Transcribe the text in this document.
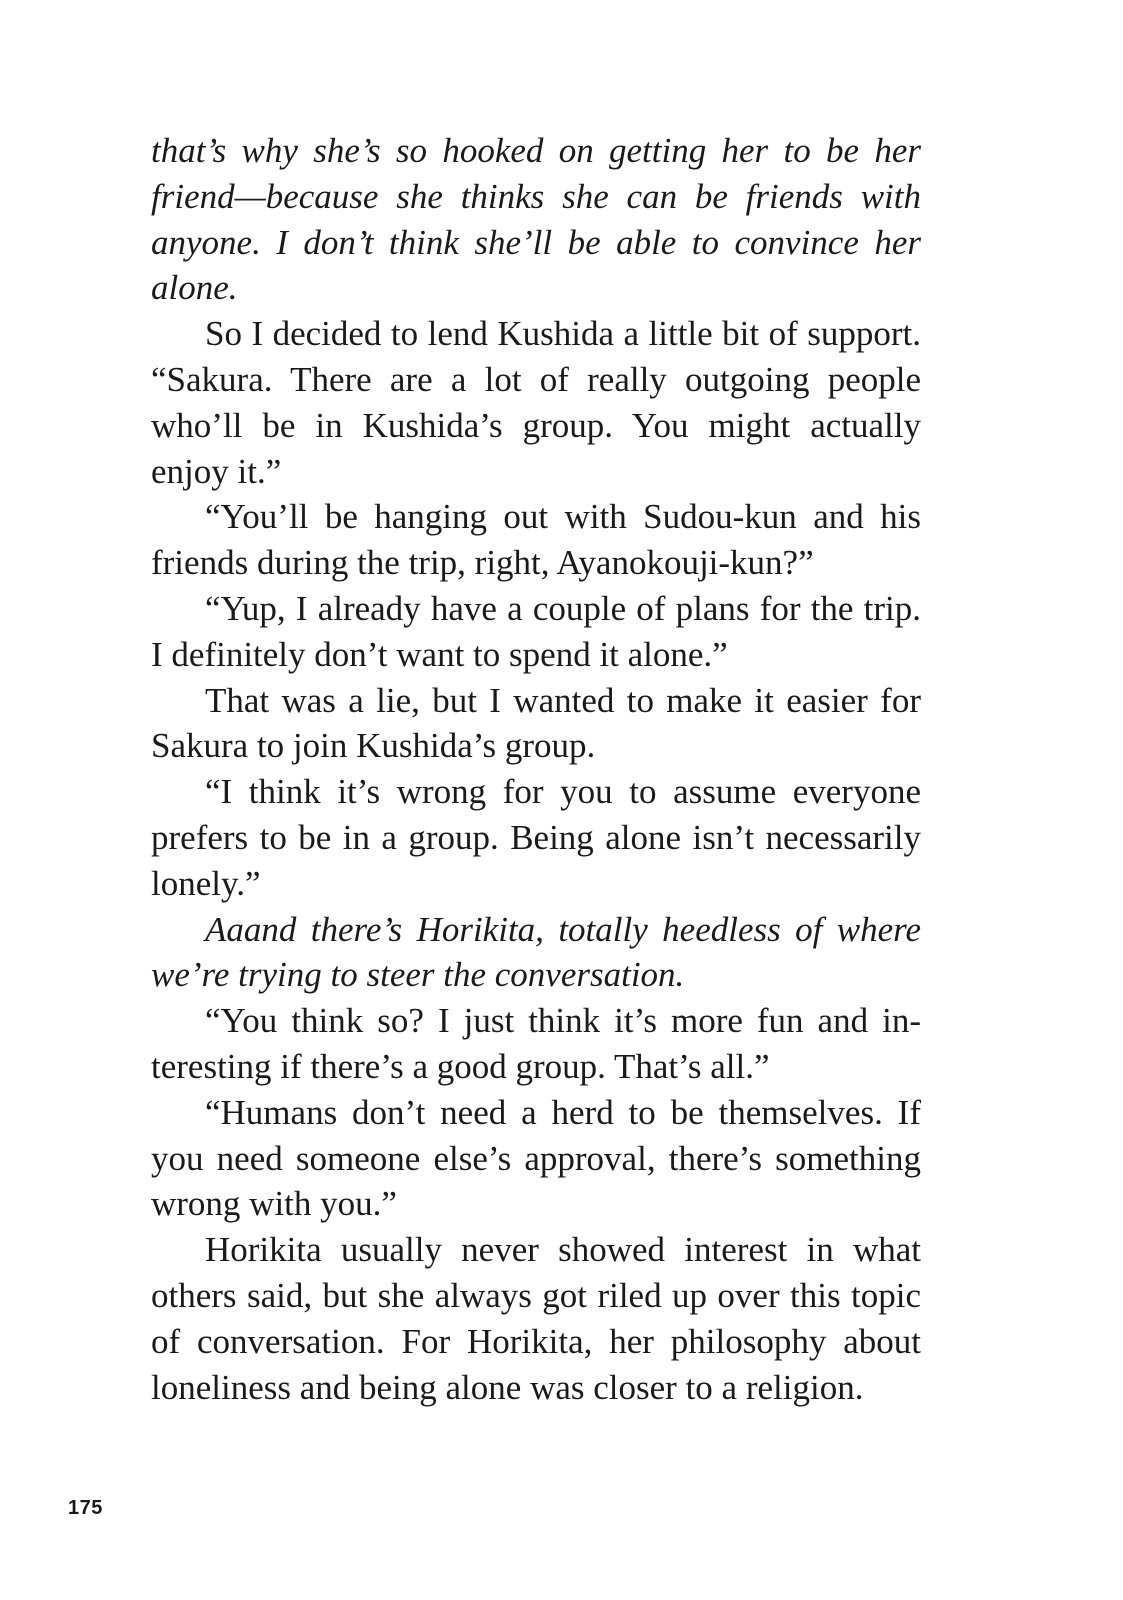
that’s why she’s so hooked on getting her to be her friend—because she thinks she can be friends with anyone. I don’t think she’ll be able to convince her alone.

So I decided to lend Kushida a little bit of support. “Sakura. There are a lot of really outgoing people who’ll be in Kushida’s group. You might actually enjoy it.”

“You’ll be hanging out with Sudou-kun and his friends during the trip, right, Ayanokouji-kun?”

“Yup, I already have a couple of plans for the trip. I definitely don’t want to spend it alone.”

That was a lie, but I wanted to make it easier for Sakura to join Kushida’s group.

“I think it’s wrong for you to assume everyone prefers to be in a group. Being alone isn’t necessarily lonely.”

Aaand there’s Horikita, totally heedless of where we’re trying to steer the conversation.

“You think so? I just think it’s more fun and interesting if there’s a good group. That’s all.”

“Humans don’t need a herd to be themselves. If you need someone else’s approval, there’s something wrong with you.”

Horikita usually never showed interest in what others said, but she always got riled up over this topic of conversation. For Horikita, her philosophy about loneliness and being alone was closer to a religion.

175
